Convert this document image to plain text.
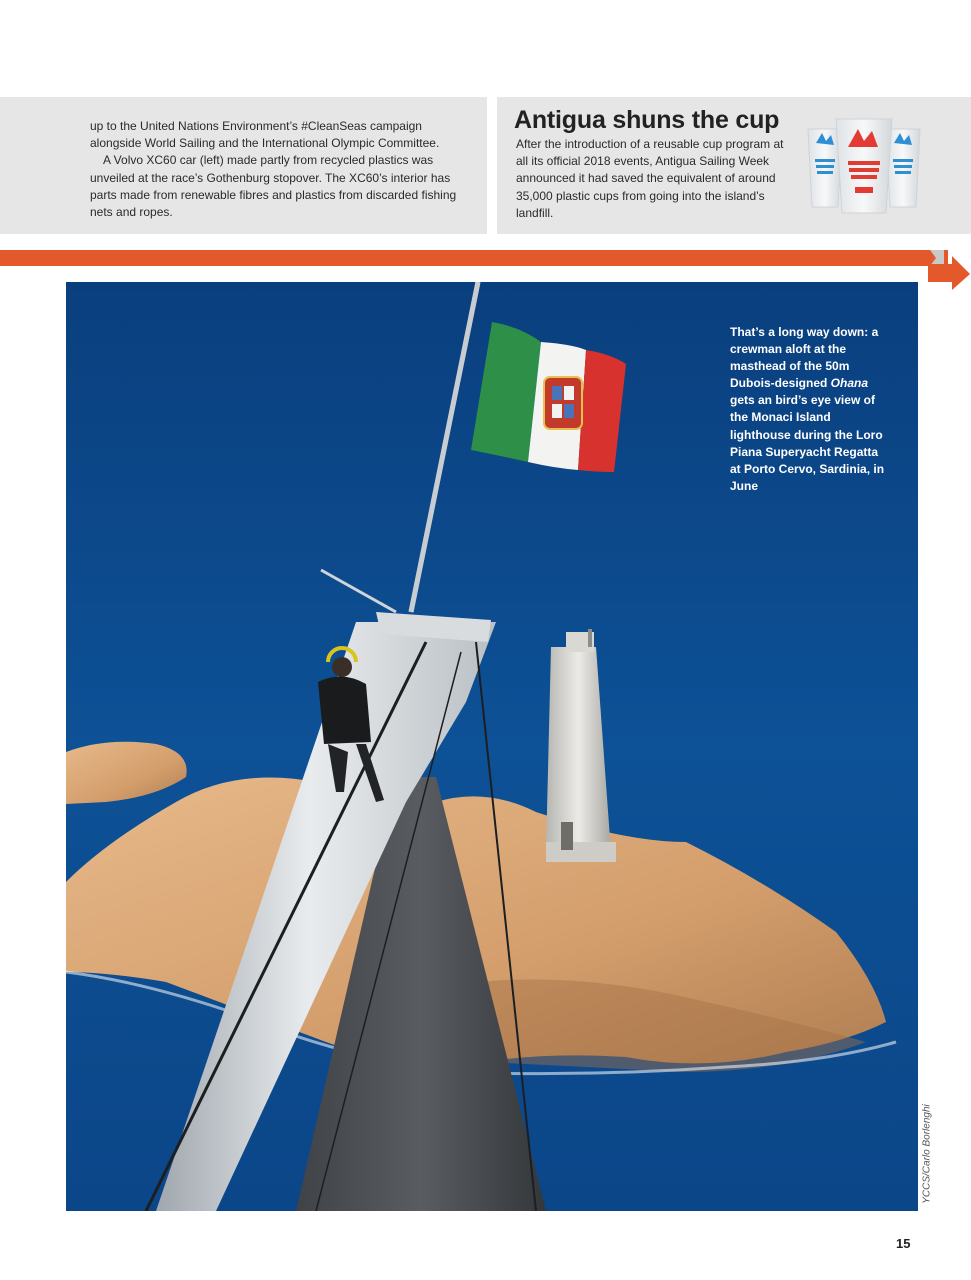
up to the United Nations Environment’s #CleanSeas campaign alongside World Sailing and the International Olympic Committee.

A Volvo XC60 car (left) made partly from recycled plastics was unveiled at the race’s Gothenburg stopover. The XC60’s interior has parts made from renewable fibres and plastics from discarded fishing nets and ropes.

Antigua shuns the cup
After the introduction of a reusable cup program at all its official 2018 events, Antigua Sailing Week announced it had saved the equivalent of around 35,000 plastic cups from going into the island’s landfill.
That’s a long way down: a crewman aloft at the masthead of the 50m Dubois-designed Ohana gets an bird’s eye view of the Monaci Island lighthouse during the Loro Piana Superyacht Regatta at Porto Cervo, Sardinia, in June
YCCS/Carlo Borlenghi
15
